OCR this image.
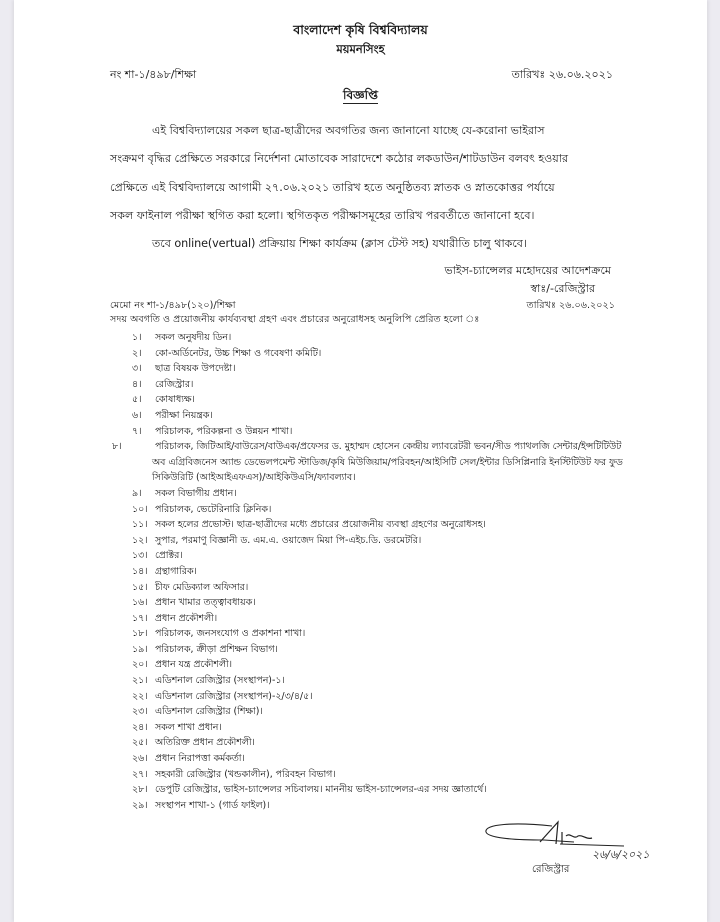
বাংলাদেশ কৃষি বিশ্ববিদ্যালয়
ময়মনসিংহ
নং শা-১/৪৯৮/শিক্ষা	তারিখঃ ২৬.০৬.২০২১
বিজ্ঞপ্তি
এই বিশ্ববিদ্যালয়ের সকল ছাত্র-ছাত্রীদের অবগতির জন্য জানানো যাচ্ছে যে-করোনা ভাইরাস
সংক্রমণ বৃদ্ধির প্রেক্ষিতে সরকারে নির্দেশনা মোতাবেক সারাদেশে কঠোর লকডাউন/শাটডাউন বলবৎ হওয়ার
প্রেক্ষিতে এই বিশ্ববিদ্যালয়ে আগামী ২৭.০৬.২০২১ তারিখ হতে অনুষ্ঠিতব্য স্নাতক ও স্নাতকোত্তর পর্যায়ে
সকল ফাইনাল পরীক্ষা স্থগিত করা হলো। স্থগিতকৃত পরীক্ষাসমূহের তারিখ পরবর্তীতে জানানো হবে।
তবে online(vertual) প্রক্রিয়ায় শিক্ষা কার্যক্রম (ক্লাস টেস্ট সহ) যথারীতি চালু থাকবে।
ভাইস-চ্যান্সেলর মহোদয়ের আদেশক্রমে
স্বাঃ/-রেজিস্ট্রার
মেমো নং শা-১/৪৯৮(১২০)/শিক্ষা	তারিখঃ ২৬.০৬.২০২১
সদয় অবগতি ও প্রয়োজনীয় কার্যব্যবস্থা গ্রহণ এবং প্রচারের অনুরোধসহ অনুলিপি প্রেরিত হলো ঃ
১। সকল অনুষদীয় ডিন।
২। কো-অর্ডিনেটর, উচ্চ শিক্ষা ও গবেষণা কমিটি।
৩। ছাত্র বিষয়ক উপদেষ্টা।
৪। রেজিস্ট্রার।
৫। কোষাধ্যক্ষ।
৬। পরীক্ষা নিয়ন্ত্রক।
৭। পরিচালক, পরিকল্পনা ও উন্নয়ন শাখা।
৮।	পরিচালক, জিটিআই/বাউরেস/বাউএক/প্রফেসর ড. মুহাম্মদ হোসেন কেন্দ্রীয় ল্যাবরেটরী ভবন/সীড প্যাথলজি সেন্টার/ইন্সটিটিউট অব এগ্রিবিজনেস অ্যান্ড ডেভেলপমেন্ট স্টাডিজ/কৃষি মিউজিয়াম/পরিবহন/আইসিটি সেল/ইন্টার ডিসিপ্লিনারি ইনস্টিটিউট ফর ফুড সিকিউরিটি (আইআইএফএস)/আইকিউএসি/ফ্যাবল্যাব।
৯। সকল বিভাগীয় প্রধান।
১০। পরিচালক, ভেটেরিনারি ক্লিনিক।
১১। সকল হলের প্রভোস্ট। ছাত্র-ছাত্রীদের মধ্যে প্রচারের প্রয়োজনীয় ব্যবস্থা গ্রহণের অনুরোধসহ।
১২। সুপার, পরমাণু বিজ্ঞানী ড. এম.এ. ওয়াজেদ মিয়া পি-এইচ.ডি. ডরমেটরি।
১৩। প্রোক্টর।
১৪। গ্রন্থাগারিক।
১৫। চীফ মেডিক্যাল অফিসার।
১৬। প্রধান খামার তত্ত্বাবধায়ক।
১৭। প্রধান প্রকৌশলী।
১৮। পরিচালক, জনসংযোগ ও প্রকাশনা শাখা।
১৯। পরিচালক, ক্রীড়া প্রশিক্ষন বিভাগ।
২০। প্রধান যন্ত্র প্রকৌশলী।
২১। এডিশনাল রেজিস্ট্রার (সংস্থাপন)-১।
২২। এডিশনাল রেজিস্ট্রার (সংস্থাপন)-২/৩/৪/৫।
২৩। এডিশনাল রেজিস্ট্রার (শিক্ষা)।
২৪। সকল শাখা প্রধান।
২৫। অতিরিক্ত প্রধান প্রকৌশলী।
২৬। প্রধান নিরাপত্তা কর্মকর্তা।
২৭। সহকারী রেজিস্ট্রার (খন্ডকালীন), পরিবহন বিভাগ।
২৮। ডেপুটি রেজিস্ট্রার, ভাইস-চ্যান্সেলর সচিবালয়। মাননীয় ভাইস-চ্যান্সেলর-এর সদয় জ্ঞাতার্থে।
২৯। সংস্থাপন শাখা-১ (গার্ড ফাইল)।
২৬/৬/২০২১
রেজিস্ট্রার
